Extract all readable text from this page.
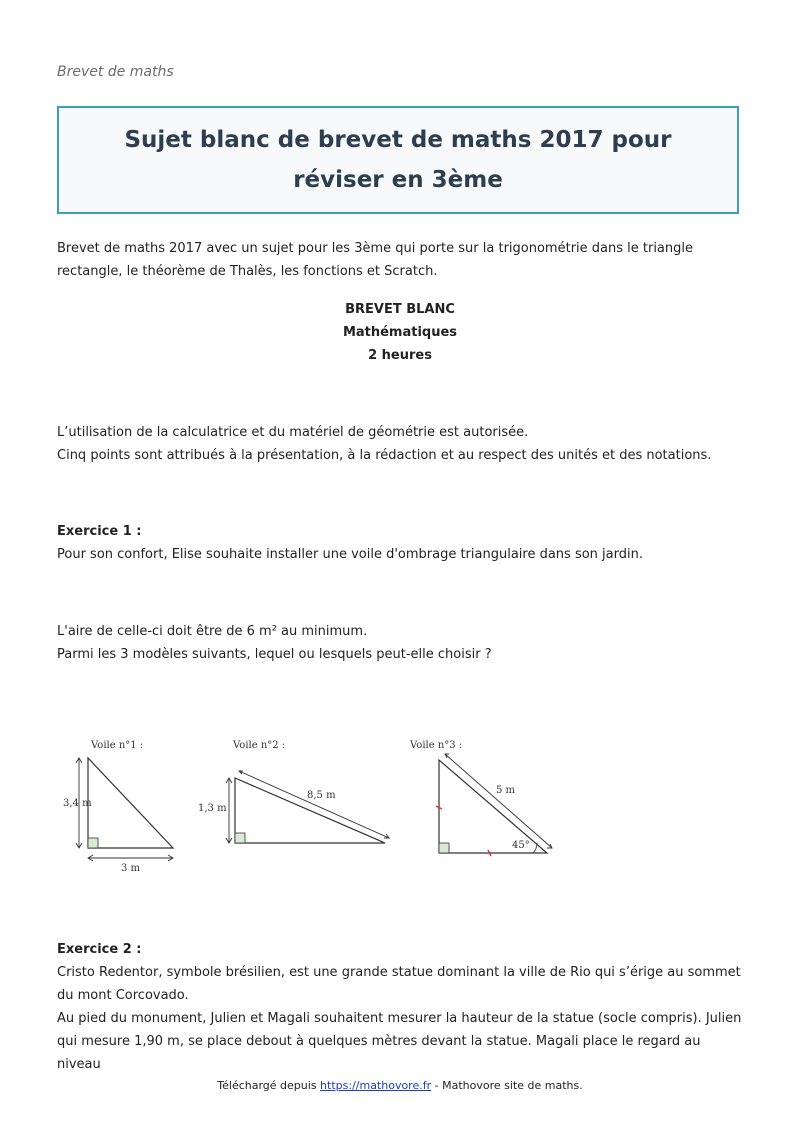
Brevet de maths
Sujet blanc de brevet de maths 2017 pour réviser en 3ème

Brevet de maths 2017 avec un sujet pour les 3ème qui porte sur la trigonométrie dans le triangle rectangle, le théorème de Thalès, les fonctions et Scratch.

BREVET BLANC
Mathématiques
2 heures

L’utilisation de la calculatrice et du matériel de géométrie est autorisée.

Cinq points sont attribués à la présentation, à la rédaction et au respect des unités et des notations.

Exercice 1 :

Pour son confort, Elise souhaite installer une voile d'ombrage triangulaire dans son jardin.

L'aire de celle-ci doit être de 6 m² au minimum.

Parmi les 3 modèles suivants, lequel ou lesquels peut-elle choisir ?

Voile n°1 :
3,4 m
3 m
Voile n°2 :
8,5 m
1,3 m
Voile n°3 :
5 m
45°

Exercice 2 :

Cristo Redentor, symbole brésilien, est une grande statue dominant la ville de Rio qui s’érige au sommet du mont Corcovado.

Au pied du monument, Julien et Magali souhaitent mesurer la hauteur de la statue (socle compris). Julien qui mesure 1,90 m, se place debout à quelques mètres devant la statue. Magali place le regard au niveau

Téléchargé depuis https://mathovore.fr - Mathovore site de maths.
